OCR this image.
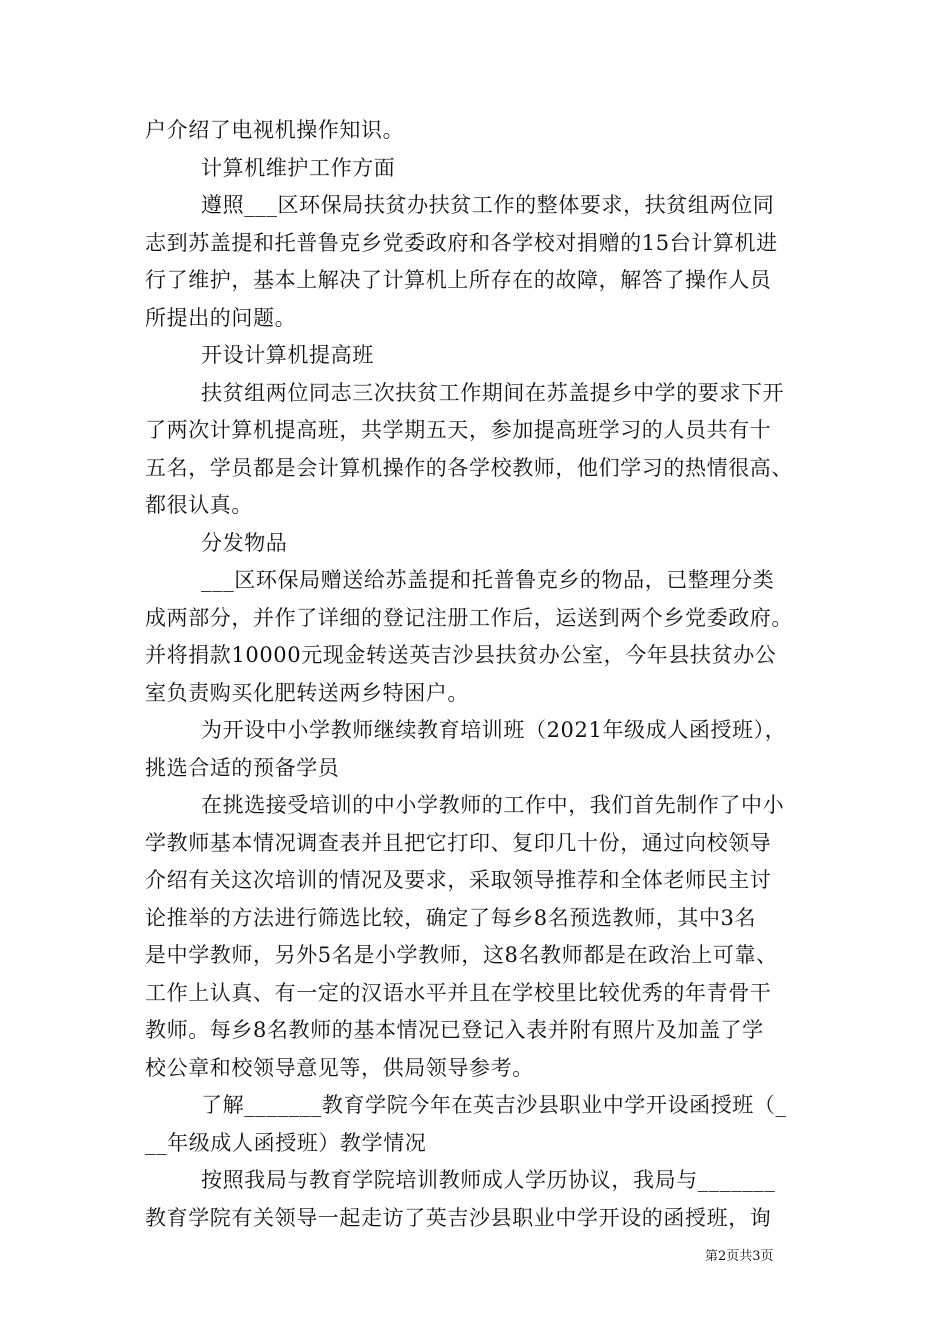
户介绍了电视机操作知识。
计算机维护工作方面
遵照___区环保局扶贫办扶贫工作的整体要求，扶贫组两位同
志到苏盖提和托普鲁克乡党委政府和各学校对捐赠的15台计算机进
行了维护，基本上解决了计算机上所存在的故障，解答了操作人员
所提出的问题。
开设计算机提高班
扶贫组两位同志三次扶贫工作期间在苏盖提乡中学的要求下开
了两次计算机提高班，共学期五天，参加提高班学习的人员共有十
五名，学员都是会计算机操作的各学校教师，他们学习的热情很高、
都很认真。
分发物品
___区环保局赠送给苏盖提和托普鲁克乡的物品，已整理分类
成两部分，并作了详细的登记注册工作后，运送到两个乡党委政府。
并将捐款10000元现金转送英吉沙县扶贫办公室，今年县扶贫办公
室负责购买化肥转送两乡特困户。
为开设中小学教师继续教育培训班（2021年级成人函授班），
挑选合适的预备学员
在挑选接受培训的中小学教师的工作中，我们首先制作了中小
学教师基本情况调查表并且把它打印、复印几十份，通过向校领导
介绍有关这次培训的情况及要求，采取领导推荐和全体老师民主讨
论推举的方法进行筛选比较，确定了每乡8名预选教师，其中3名
是中学教师，另外5名是小学教师，这8名教师都是在政治上可靠、
工作上认真、有一定的汉语水平并且在学校里比较优秀的年青骨干
教师。每乡8名教师的基本情况已登记入表并附有照片及加盖了学
校公章和校领导意见等，供局领导参考。
了解_______教育学院今年在英吉沙县职业中学开设函授班（_
__年级成人函授班）教学情况
按照我局与教育学院培训教师成人学历协议，我局与_______
教育学院有关领导一起走访了英吉沙县职业中学开设的函授班，询
第2页共3页
